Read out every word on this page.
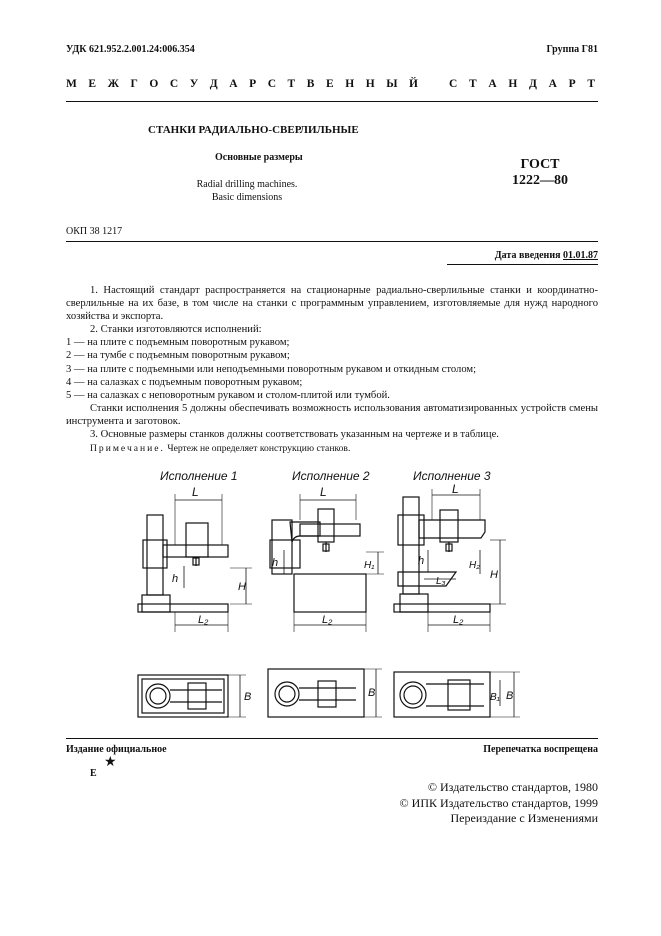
УДК 621.952.2.001.24:006.354	Группа Г81
М Е Ж Г О С У Д А Р С Т В Е Н Н Ы Й	С Т А Н Д А Р Т
СТАНКИ РАДИАЛЬНО-СВЕРЛИЛЬНЫЕ
Основные размеры
Radial drilling machines.
Basic dimensions
ГОСТ
1222—80
ОКП 38 1217
Дата введения 01.01.87

1. Настоящий стандарт распространяется на стационарные радиально-сверлильные станки и координатно-сверлильные на их базе, в том числе на станки с программным управлением, изготовляемые для нужд народного хозяйства и экспорта.

2. Станки изготовляются исполнений:

1 — на плите с подъемным поворотным рукавом;

2 — на тумбе с подъемным поворотным рукавом;

3 — на плите с подъемными или неподъемными поворотным рукавом и откидным столом;

4 — на салазках с подъемным поворотным рукавом;

5 — на салазках с неповоротным рукавом и столом-плитой или тумбой.

Станки исполнения 5 должны обеспечивать возможность использования автоматизированных устройств смены инструмента и заготовок.

3. Основные размеры станков должны соответствовать указанным на чертеже и в таблице.

Примечание. Чертеж не определяет конструкцию станков.

Исполнение 1	Исполнение 2	Исполнение 3
L
L₂
H
h
L
L₂
H₁
h
L
L₃
L₂
H₂
H
h
B	B	B₁ B
Издание официальное	Перепечатка воспрещена
★
Е
© Издательство стандартов, 1980
© ИПК Издательство стандартов, 1999
Переиздание с Изменениями
